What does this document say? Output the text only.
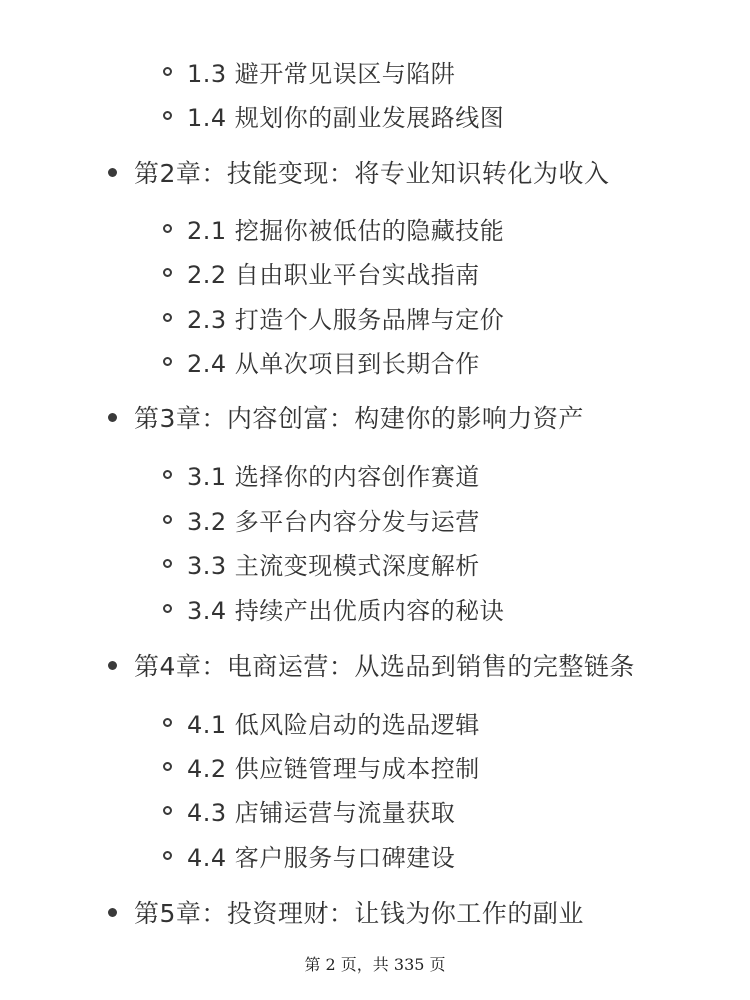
1.3 避开常见误区与陷阱
1.4 规划你的副业发展路线图
第2章：技能变现：将专业知识转化为收入
2.1 挖掘你被低估的隐藏技能
2.2 自由职业平台实战指南
2.3 打造个人服务品牌与定价
2.4 从单次项目到长期合作
第3章：内容创富：构建你的影响力资产
3.1 选择你的内容创作赛道
3.2 多平台内容分发与运营
3.3 主流变现模式深度解析
3.4 持续产出优质内容的秘诀
第4章：电商运营：从选品到销售的完整链条
4.1 低风险启动的选品逻辑
4.2 供应链管理与成本控制
4.3 店铺运营与流量获取
4.4 客户服务与口碑建设
第5章：投资理财：让钱为你工作的副业
第 2 页，共 335 页
